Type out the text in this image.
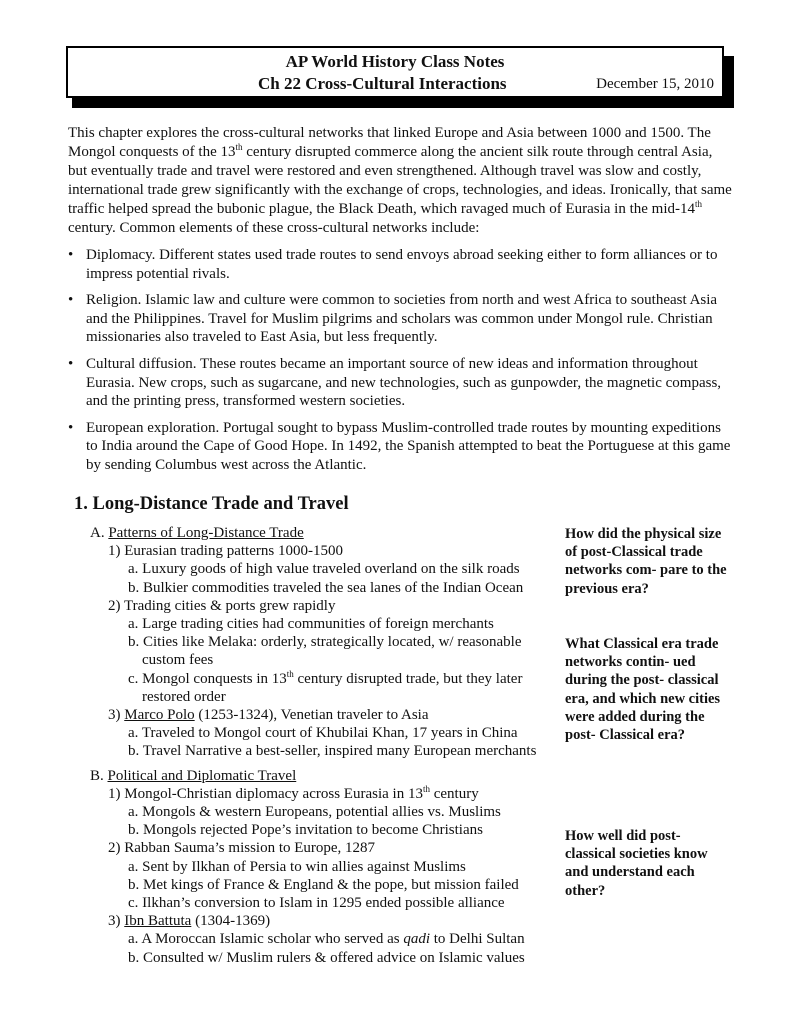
AP World History Class Notes
Ch 22 Cross-Cultural Interactions	December 15, 2010

This chapter explores the cross-cultural networks that linked Europe and Asia between 1000 and 1500. The Mongol conquests of the 13th century disrupted commerce along the ancient silk route through central Asia, but eventually trade and travel were restored and even strengthened. Although travel was slow and costly, international trade grew significantly with the exchange of crops, technologies, and ideas. Ironically, that same traffic helped spread the bubonic plague, the Black Death, which ravaged much of Eurasia in the mid-14th century. Common elements of these cross-cultural networks include:

• Diplomacy. Different states used trade routes to send envoys abroad seeking either to form alliances or to impress potential rivals.
• Religion. Islamic law and culture were common to societies from north and west Africa to southeast Asia and the Philippines. Travel for Muslim pilgrims and scholars was common under Mongol rule. Christian missionaries also traveled to East Asia, but less frequently.
• Cultural diffusion. These routes became an important source of new ideas and information throughout Eurasia. New crops, such as sugarcane, and new technologies, such as gunpowder, the magnetic compass, and the printing press, transformed western societies.
• European exploration. Portugal sought to bypass Muslim-controlled trade routes by mounting expeditions to India around the Cape of Good Hope. In 1492, the Spanish attempted to beat the Portuguese at this game by sending Columbus west across the Atlantic.
1. Long-Distance Trade and Travel
A. Patterns of Long-Distance Trade
1) Eurasian trading patterns 1000-1500
a. Luxury goods of high value traveled overland on the silk roads
b. Bulkier commodities traveled the sea lanes of the Indian Ocean
2) Trading cities & ports grew rapidly
a. Large trading cities had communities of foreign merchants
b. Cities like Melaka: orderly, strategically located, w/ reasonable
custom fees
c. Mongol conquests in 13th century disrupted trade, but they later
restored order
3) Marco Polo (1253-1324), Venetian traveler to Asia
a. Traveled to Mongol court of Khubilai Khan, 17 years in China
b. Travel Narrative a best-seller, inspired many European merchants
B. Political and Diplomatic Travel
1) Mongol-Christian diplomacy across Eurasia in 13th century
a. Mongols & western Europeans, potential allies vs. Muslims
b. Mongols rejected Pope’s invitation to become Christians
2) Rabban Sauma’s mission to Europe, 1287
a. Sent by Ilkhan of Persia to win allies against Muslims
b. Met kings of France & England & the pope, but mission failed
c. Ilkhan’s conversion to Islam in 1295 ended possible alliance
3) Ibn Battuta (1304-1369)
a. A Moroccan Islamic scholar who served as qadi to Delhi Sultan
b. Consulted w/ Muslim rulers & offered advice on Islamic values

How did the physical size of post-Classical trade networks com- pare to the previous era?

What Classical era trade networks contin- ued during the post- classical era, and which new cities were added during the post- Classical era?

How well did post- classical societies know and understand each other?
